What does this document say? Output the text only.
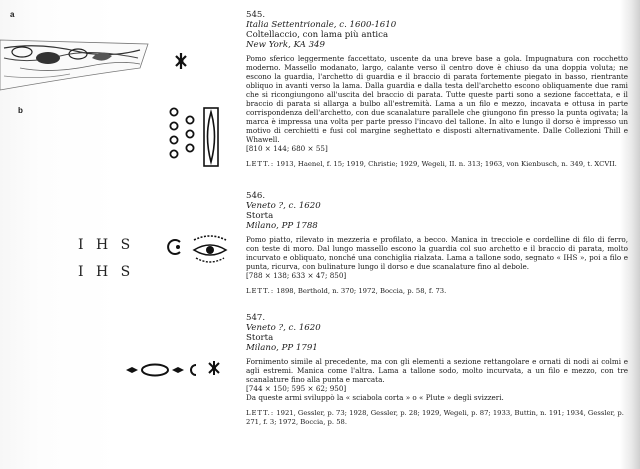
a
b
545.
Italia Settentrionale, c. 1600-1610
Coltellaccio, con lama più antica
New York, KA 349
Pomo sferico leggermente faccettato, uscente da una breve base a gola. Impugnatura con rocchetto moderno. Massello modanato, largo, calante verso il centro dove è chiuso da una doppia voluta; ne escono la guardia, l'archetto di guardia e il braccio di parata fortemente piegato in basso, rientrante obliquo in avanti verso la lama. Dalla guardia e dalla testa dell'archetto escono obliquamente due rami che si ricongiungono all'uscita del braccio di parata. Tutte queste parti sono a sezione faccettata, e il braccio di parata si allarga a bulbo all'estremità. Lama a un filo e mezzo, incavata e ottusa in parte corrispondenza dell'archetto, con due scanalature parallele che giungono fin presso la punta ogivata; la marca è impressa una volta per parte presso l'incavo del tallone. In alto e lungo il dorso è impresso un motivo di cerchietti e fusi col margine seghettato e disposti alternativamente. Dalle Collezioni Thill e Whawell.
[810 × 144; 680 × 55]
LETT.: 1913, Haenel, f. 15; 1919, Christie; 1929, Wegeli, II. n. 313; 1963, von Kienbusch, n. 349, t. XCVII.
I H S
I H S
546.
Veneto ?, c. 1620
Storta
Milano, PP 1788
Pomo piatto, rilevato in mezzeria e profilato, a becco. Manica in trecciole e cordelline di filo di ferro, con teste di moro. Dal lungo massello escono la guardia col suo archetto e il braccio di parata, molto incurvato e obliquato, nonché una conchiglia rialzata. Lama a tallone sodo, segnato « IHS », poi a filo e punta, ricurva, con bulinature lungo il dorso e due scanalature fino al debole.
[788 × 138; 633 × 47; 850]
LETT.: 1898, Berthold, n. 370; 1972, Boccia, p. 58, f. 73.
547.
Veneto ?, c. 1620
Storta
Milano, PP 1791
Fornimento simile al precedente, ma con gli elementi a sezione rettangolare e ornati di nodi ai colmi e agli estremi. Manica come l'altra. Lama a tallone sodo, molto incurvata, a un filo e mezzo, con tre scanalature fino alla punta e marcata.
[744 × 150; 595 × 62; 950]
Da queste armi sviluppò la « sciabola corta » o « Plute » degli svizzeri.
LETT.: 1921, Gessler, p. 73; 1928, Gessler, p. 28; 1929, Wegeli, p. 87; 1933, Buttin, n. 191; 1934, Gessler, p. 271, f. 3; 1972, Boccia, p. 58.
